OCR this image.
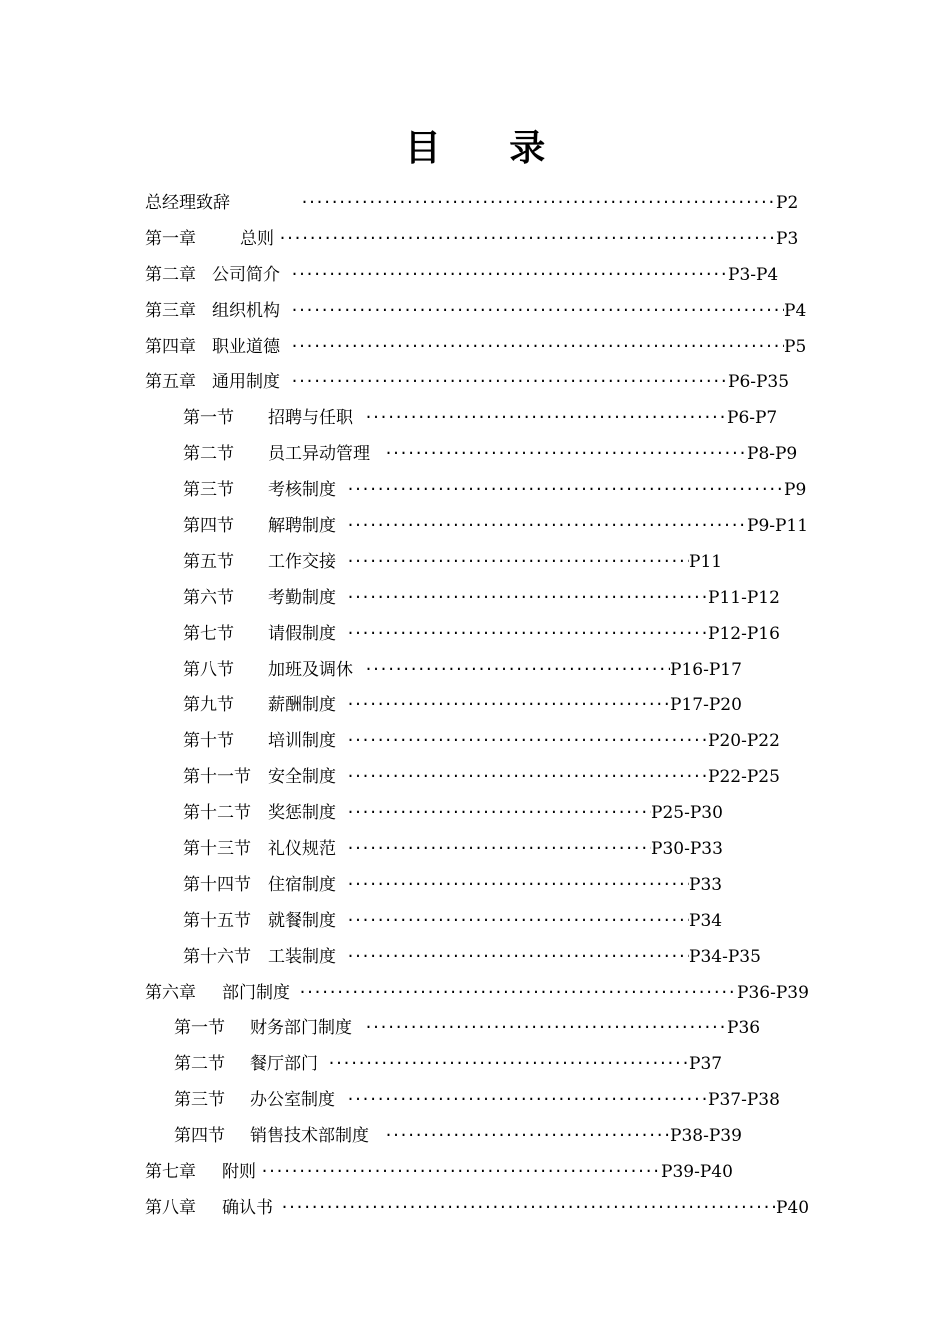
目 录
总经理致辞 ·····	P2
第一章	总则 ·····	P3
第二章 公司简介 ·····	P3-P4
第三章 组织机构 ·····	P4
第四章 职业道德 ·····	P5
第五章 通用制度 ·····	P6-P35
第一节 招聘与任职 ·····	P6-P7
第二节 员工异动管理 ·····	P8-P9
第三节 考核制度 ·····	P9
第四节 解聘制度 ·····	P9-P11
第五节 工作交接 ·····	P11
第六节 考勤制度 ·····	P11-P12
第七节 请假制度 ·····	P12-P16
第八节 加班及调休 ·····	P16-P17
第九节 薪酬制度 ·····	P17-P20
第十节 培训制度 ·····	P20-P22
第十一节 安全制度 ·····	P22-P25
第十二节 奖惩制度 ·····	P25-P30
第十三节 礼仪规范 ·····	P30-P33
第十四节 住宿制度 ·····	P33
第十五节 就餐制度 ·····	P34
第十六节 工装制度 ·····	P34-P35
第六章 部门制度 ·····	P36-P39
第一节 财务部门制度 ·····	P36
第二节 餐厅部门 ·····	P37
第三节 办公室制度 ·····	P37-P38
第四节 销售技术部制度 ·····	P38-P39
第七章 附则 ·····	P39-P40
第八章 确认书 ·····	P40
